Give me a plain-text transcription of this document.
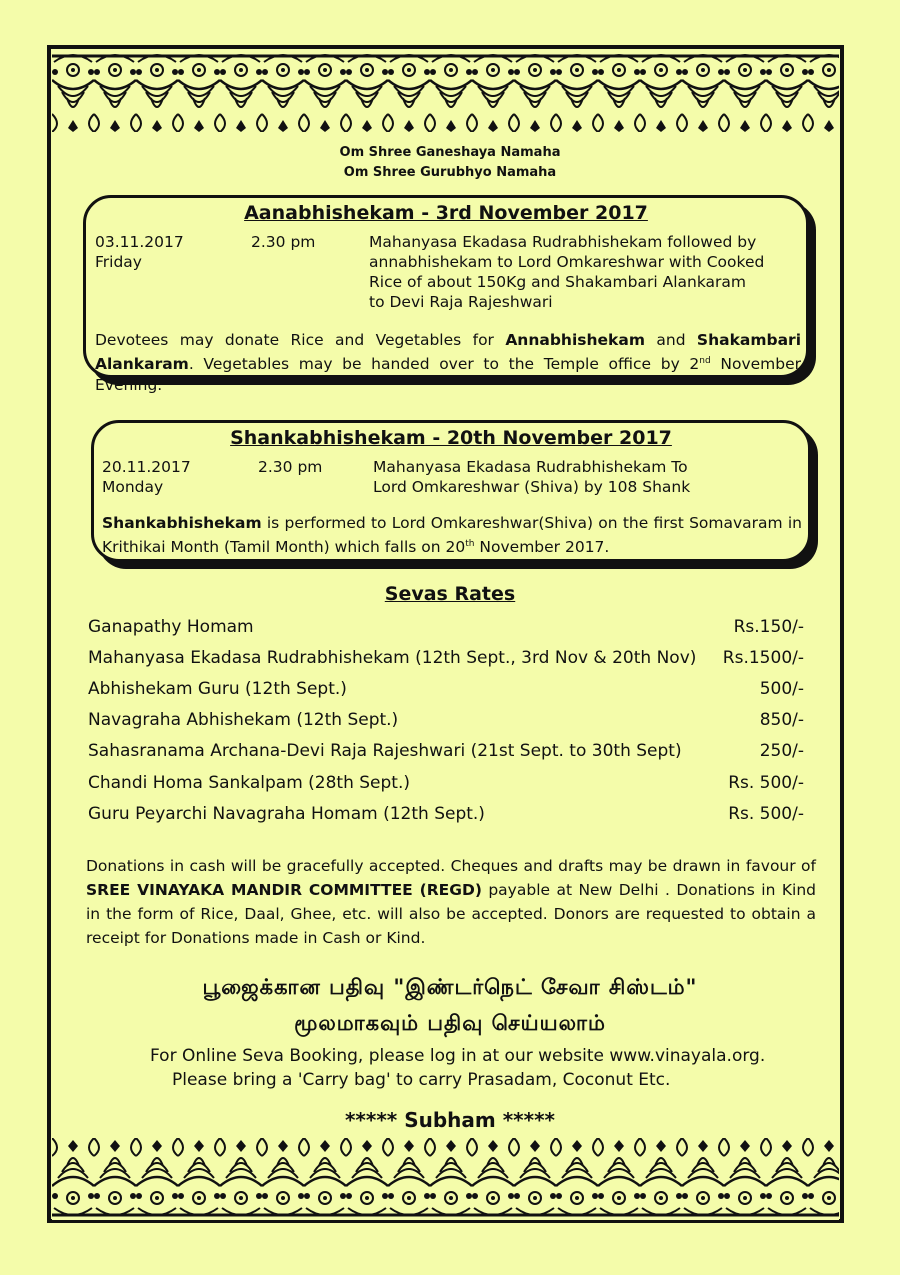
Om Shree Ganeshaya Namaha
Om Shree Gurubhyo Namaha
Aanabhishekam - 3rd November 2017
03.11.2017
Friday
2.30 pm	Mahanyasa Ekadasa Rudrabhishekam followed by
annabhishekam to Lord Omkareshwar with Cooked
Rice of about 150Kg and Shakambari Alankaram
to Devi Raja Rajeshwari
Devotees may donate Rice and Vegetables for Annabhishekam and Shakambari Alankaram. Vegetables may be handed over to the Temple office by 2nd November Evening.
Shankabhishekam - 20th November 2017
20.11.2017
Monday
2.30 pm	Mahanyasa Ekadasa Rudrabhishekam To
Lord Omkareshwar (Shiva) by 108 Shank
Shankabhishekam is performed to Lord Omkareshwar(Shiva) on the first Somavaram in Krithikai Month (Tamil Month) which falls on 20th November 2017.
Sevas Rates
Ganapathy Homam	Rs.150/-
Mahanyasa Ekadasa Rudrabhishekam (12th Sept., 3rd Nov & 20th Nov) Rs.1500/-
Abhishekam Guru (12th Sept.)	500/-
Navagraha Abhishekam (12th Sept.)	850/-
Sahasranama Archana-Devi Raja Rajeshwari (21st Sept. to 30th Sept)	250/-
Chandi Homa Sankalpam (28th Sept.)	Rs. 500/-
Guru Peyarchi Navagraha Homam (12th Sept.)	Rs. 500/-
Donations in cash will be gracefully accepted. Cheques and drafts may be drawn in favour of SREE VINAYAKA MANDIR COMMITTEE (REGD) payable at New Delhi . Donations in Kind in the form of Rice, Daal, Ghee, etc. will also be accepted. Donors are requested to obtain a receipt for Donations made in Cash or Kind.
பூஜைக்கான பதிவு "இண்டர்நெட் சேவா சிஸ்டம்"
மூலமாகவும் பதிவு செய்யலாம்
For Online Seva Booking, please log in at our website www.vinayala.org.
Please bring a 'Carry bag' to carry Prasadam, Coconut Etc.
***** Subham *****
